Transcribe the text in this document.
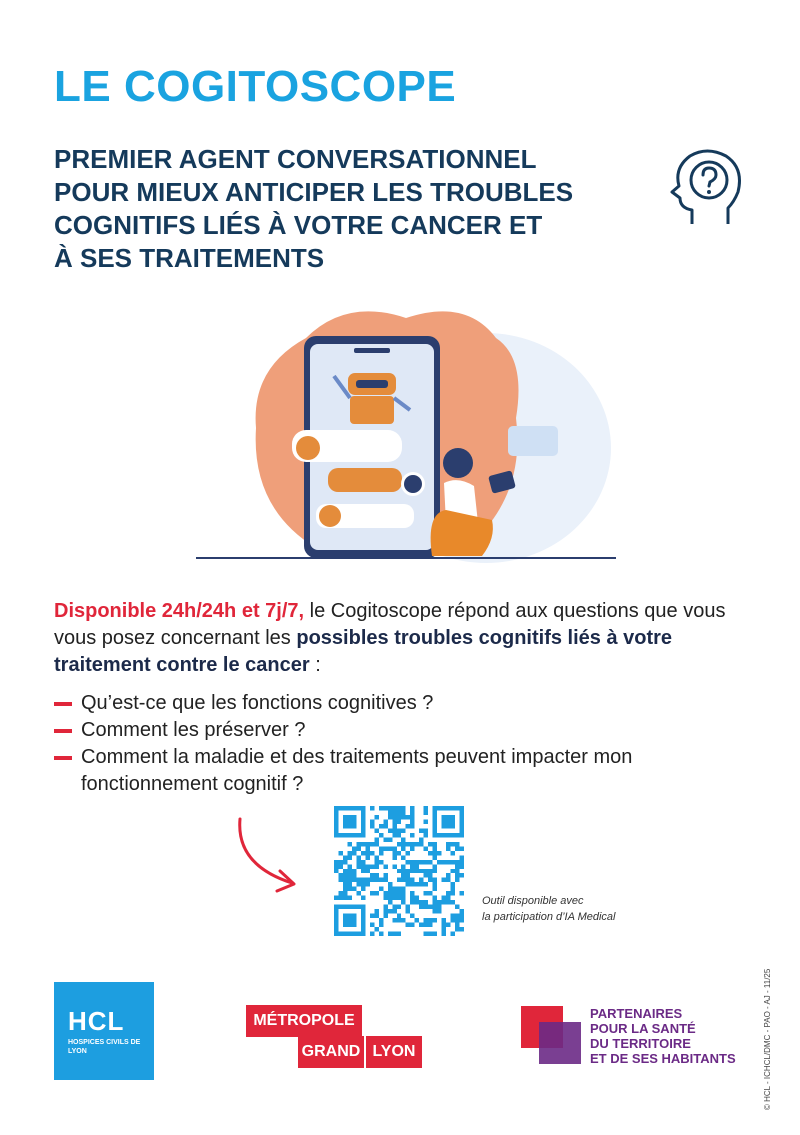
LE COGITOSCOPE
PREMIER AGENT CONVERSATIONNEL
POUR MIEUX ANTICIPER LES TROUBLES
COGNITIFS LIÉS À VOTRE CANCER ET
À SES TRAITEMENTS
Disponible 24h/24h et 7j/7, le Cogitoscope répond aux questions que vous vous posez concernant les possibles troubles cognitifs liés à votre traitement contre le cancer :
Qu’est-ce que les fonctions cognitives ?
Comment les préserver ?
Comment la maladie et des traitements peuvent impacter mon fonctionnement cognitif ?
Outil disponible avec
la participation d’IA Medical
HCL
HOSPICES CIVILS DE LYON
MÉTROPOLE
GRAND LYON
PARTENAIRES
POUR LA SANTÉ
DU TERRITOIRE
ET DE SES HABITANTS	© HCL - ICHCL/DMC - PAO - AJ - 11/25
